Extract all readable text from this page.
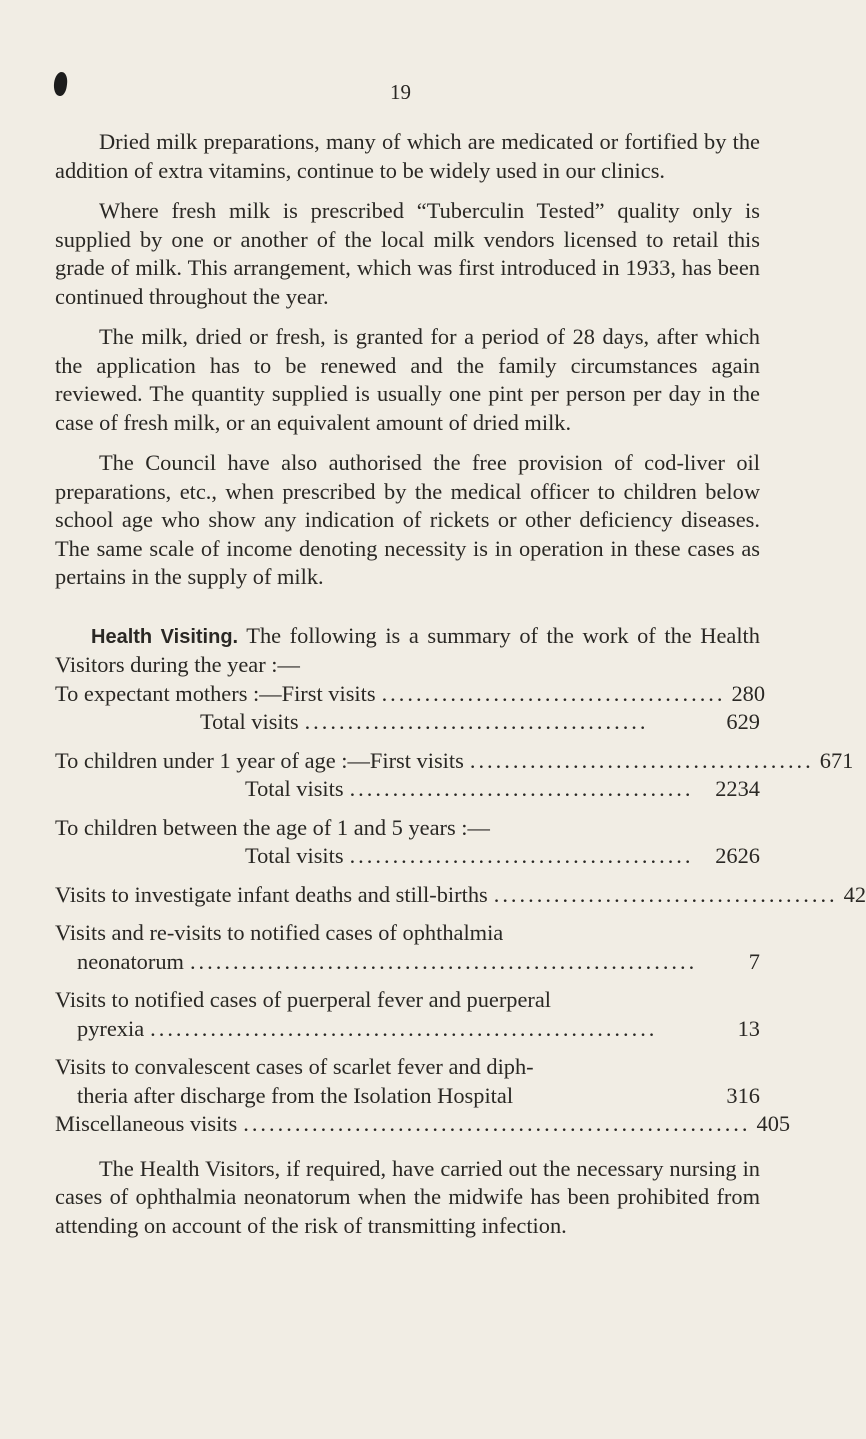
19

Dried milk preparations, many of which are medicated or fortified by the addition of extra vitamins, continue to be widely used in our clinics.

Where fresh milk is prescribed “Tuberculin Tested” quality only is supplied by one or another of the local milk vendors licensed to retail this grade of milk. This arrangement, which was first introduced in 1933, has been continued throughout the year.

The milk, dried or fresh, is granted for a period of 28 days, after which the application has to be renewed and the family circumstances again reviewed. The quantity supplied is usually one pint per person per day in the case of fresh milk, or an equivalent amount of dried milk.

The Council have also authorised the free provision of cod-liver oil preparations, etc., when prescribed by the medical officer to children below school age who show any indication of rickets or other deficiency diseases. The same scale of income denoting necessity is in operation in these cases as pertains in the supply of milk.

Health Visiting. The following is a summary of the work of the Health Visitors during the year :—

To expectant mothers :—First visits ........................................ 280
Total visits ........................................	629
To children under 1 year of age :—First visits ........................................ 671
Total visits ........................................ 2234
To children between the age of 1 and 5 years :—
Total visits ........................................ 2626
Visits to investigate infant deaths and still-births ........................................ 42
Visits and re-visits to notified cases of ophthalmia
neonatorum ...........................................................	7
Visits to notified cases of puerperal fever and puerperal
pyrexia ...........................................................	13
Visits to convalescent cases of scarlet fever and diph-
theria after discharge from the Isolation Hospital	316
Miscellaneous visits ........................................................... 405

The Health Visitors, if required, have carried out the necessary nursing in cases of ophthalmia neonatorum when the midwife has been prohibited from attending on account of the risk of transmitting infection.
